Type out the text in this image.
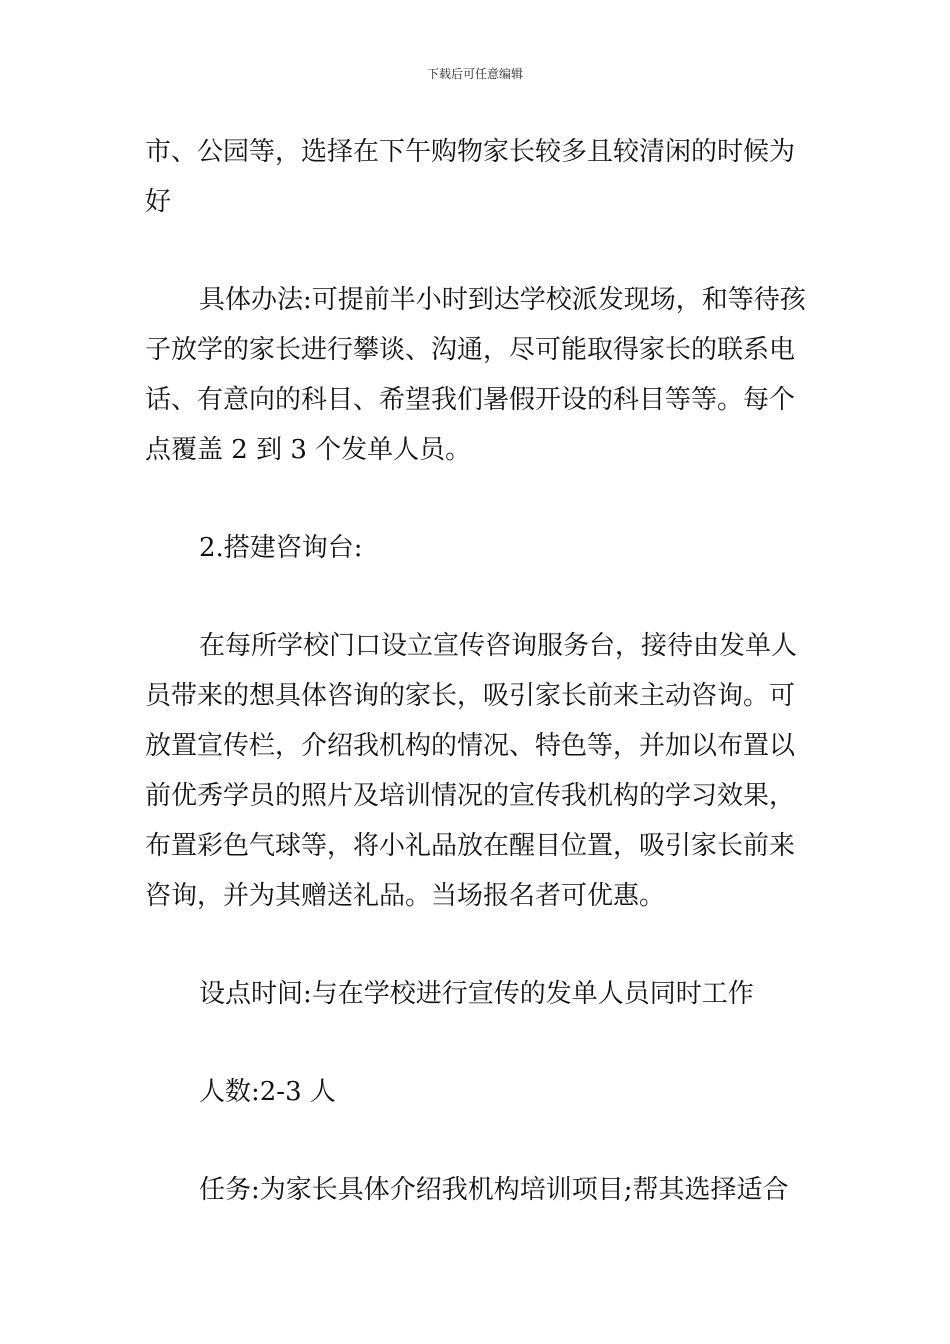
下载后可任意编辑

市、公园等，选择在下午购物家长较多且较清闲的时候为
好

具体办法:可提前半小时到达学校派发现场，和等待孩
子放学的家长进行攀谈、沟通，尽可能取得家长的联系电
话、有意向的科目、希望我们暑假开设的科目等等。每个
点覆盖 2 到 3 个发单人员。

2.搭建咨询台:

在每所学校门口设立宣传咨询服务台，接待由发单人
员带来的想具体咨询的家长，吸引家长前来主动咨询。可
放置宣传栏，介绍我机构的情况、特色等，并加以布置以
前优秀学员的照片及培训情况的宣传我机构的学习效果，
布置彩色气球等，将小礼品放在醒目位置，吸引家长前来
咨询，并为其赠送礼品。当场报名者可优惠。

设点时间:与在学校进行宣传的发单人员同时工作

人数:2-3 人

任务:为家长具体介绍我机构培训项目;帮其选择适合
